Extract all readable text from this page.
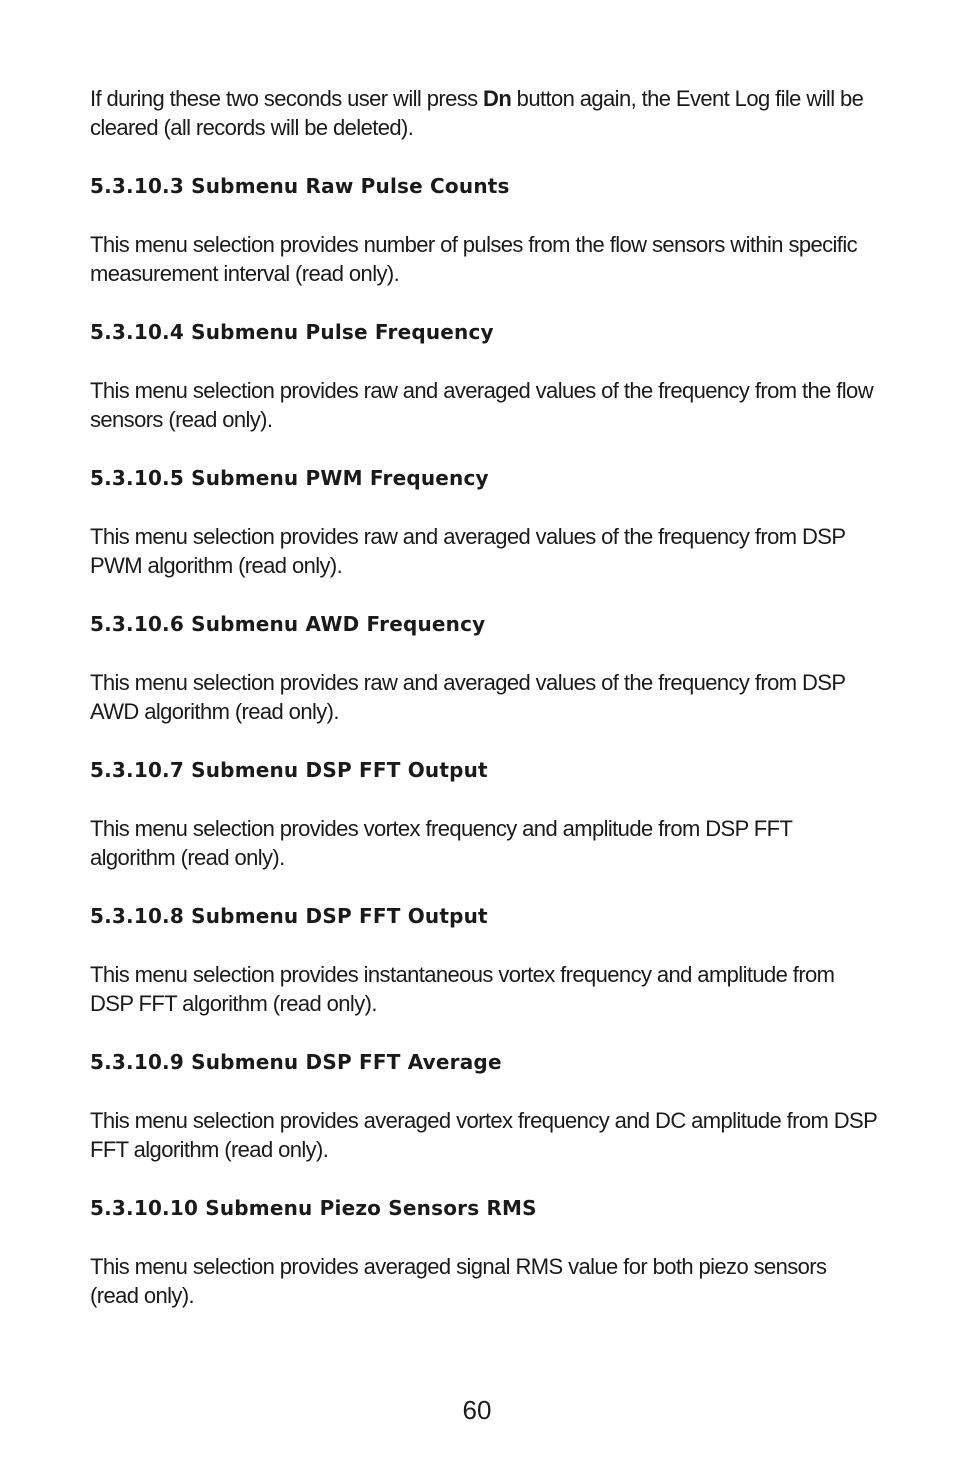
If during these two seconds user will press Dn button again, the Event Log file will be cleared (all records will be deleted).

5.3.10.3 Submenu Raw Pulse Counts

This menu selection provides number of pulses from the flow sensors within specific measurement interval (read only).

5.3.10.4 Submenu Pulse Frequency

This menu selection provides raw and averaged values of the frequency from the flow sensors (read only).

5.3.10.5 Submenu PWM Frequency

This menu selection provides raw and averaged values of the frequency from DSP PWM algorithm (read only).

5.3.10.6 Submenu AWD Frequency

This menu selection provides raw and averaged values of the frequency from DSP AWD algorithm (read only).

5.3.10.7 Submenu DSP FFT Output

This menu selection provides vortex frequency and amplitude from DSP FFT algorithm (read only).

5.3.10.8 Submenu DSP FFT Output

This menu selection provides instantaneous vortex frequency and amplitude from DSP FFT algorithm (read only).

5.3.10.9 Submenu DSP FFT Average

This menu selection provides averaged vortex frequency and DC amplitude from DSP FFT algorithm (read only).

5.3.10.10 Submenu Piezo Sensors RMS

This menu selection provides averaged signal RMS value for both piezo sensors (read only).

60
